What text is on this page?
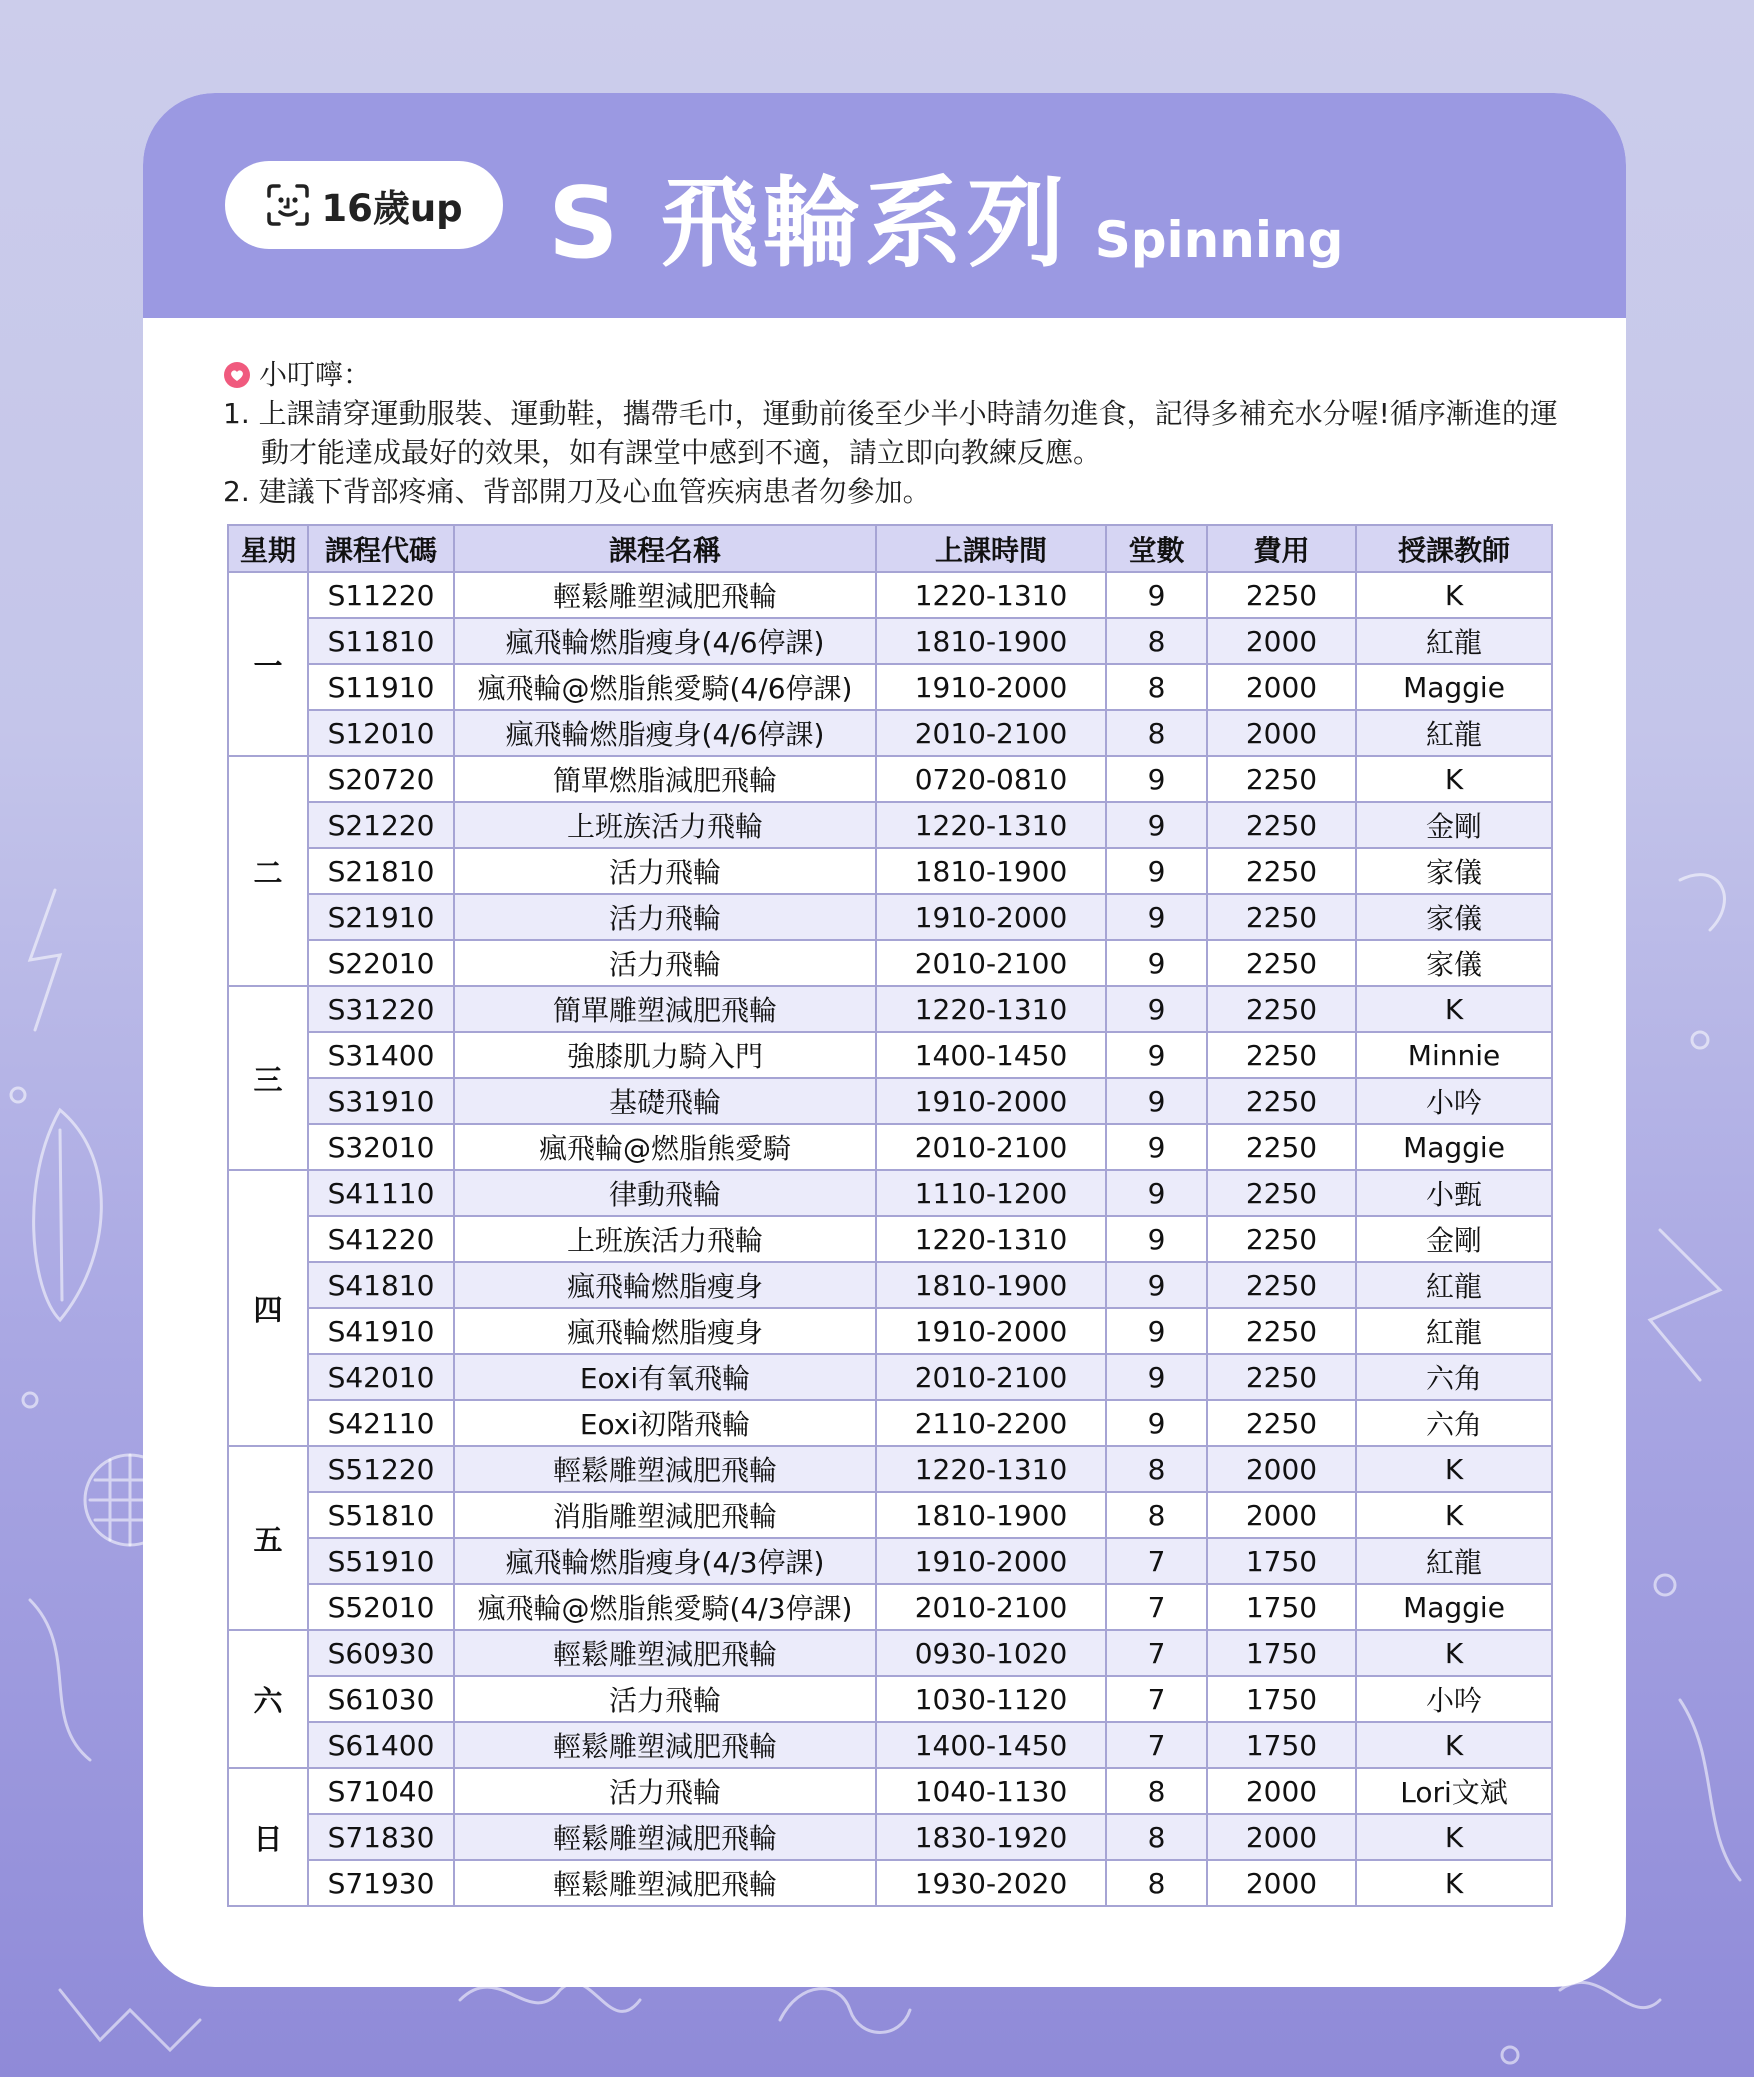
16歲up S 飛輪系列 Spinning
小叮嚀：
1. 上課請穿運動服裝、運動鞋，攜帶毛巾，運動前後至少半小時請勿進食，記得多補充水分喔!循序漸進的運動才能達成最好的效果，如有課堂中感到不適，請立即向教練反應。
2. 建議下背部疼痛、背部開刀及心血管疾病患者勿參加。
星期	課程代碼	課程名稱	上課時間	堂數	費用	授課教師
一	S11220	輕鬆雕塑減肥飛輪	1220-1310	9	2250	K
	S11810	瘋飛輪燃脂瘦身(4/6停課)	1810-1900	8	2000	紅龍
	S11910	瘋飛輪@燃脂熊愛騎(4/6停課)	1910-2000	8	2000	Maggie
	S12010	瘋飛輪燃脂瘦身(4/6停課)	2010-2100	8	2000	紅龍
二	S20720	簡單燃脂減肥飛輪	0720-0810	9	2250	K
	S21220	上班族活力飛輪	1220-1310	9	2250	金剛
	S21810	活力飛輪	1810-1900	9	2250	家儀
	S21910	活力飛輪	1910-2000	9	2250	家儀
	S22010	活力飛輪	2010-2100	9	2250	家儀
三	S31220	簡單雕塑減肥飛輪	1220-1310	9	2250	K
	S31400	強膝肌力騎入門	1400-1450	9	2250	Minnie
	S31910	基礎飛輪	1910-2000	9	2250	小吟
	S32010	瘋飛輪@燃脂熊愛騎	2010-2100	9	2250	Maggie
四	S41110	律動飛輪	1110-1200	9	2250	小甄
	S41220	上班族活力飛輪	1220-1310	9	2250	金剛
	S41810	瘋飛輪燃脂瘦身	1810-1900	9	2250	紅龍
	S41910	瘋飛輪燃脂瘦身	1910-2000	9	2250	紅龍
	S42010	Eoxi有氧飛輪	2010-2100	9	2250	六角
	S42110	Eoxi初階飛輪	2110-2200	9	2250	六角
五	S51220	輕鬆雕塑減肥飛輪	1220-1310	8	2000	K
	S51810	消脂雕塑減肥飛輪	1810-1900	8	2000	K
	S51910	瘋飛輪燃脂瘦身(4/3停課)	1910-2000	7	1750	紅龍
	S52010	瘋飛輪@燃脂熊愛騎(4/3停課)	2010-2100	7	1750	Maggie
六	S60930	輕鬆雕塑減肥飛輪	0930-1020	7	1750	K
	S61030	活力飛輪	1030-1120	7	1750	小吟
	S61400	輕鬆雕塑減肥飛輪	1400-1450	7	1750	K
日	S71040	活力飛輪	1040-1130	8	2000	Lori文斌
	S71830	輕鬆雕塑減肥飛輪	1830-1920	8	2000	K
	S71930	輕鬆雕塑減肥飛輪	1930-2020	8	2000	K
